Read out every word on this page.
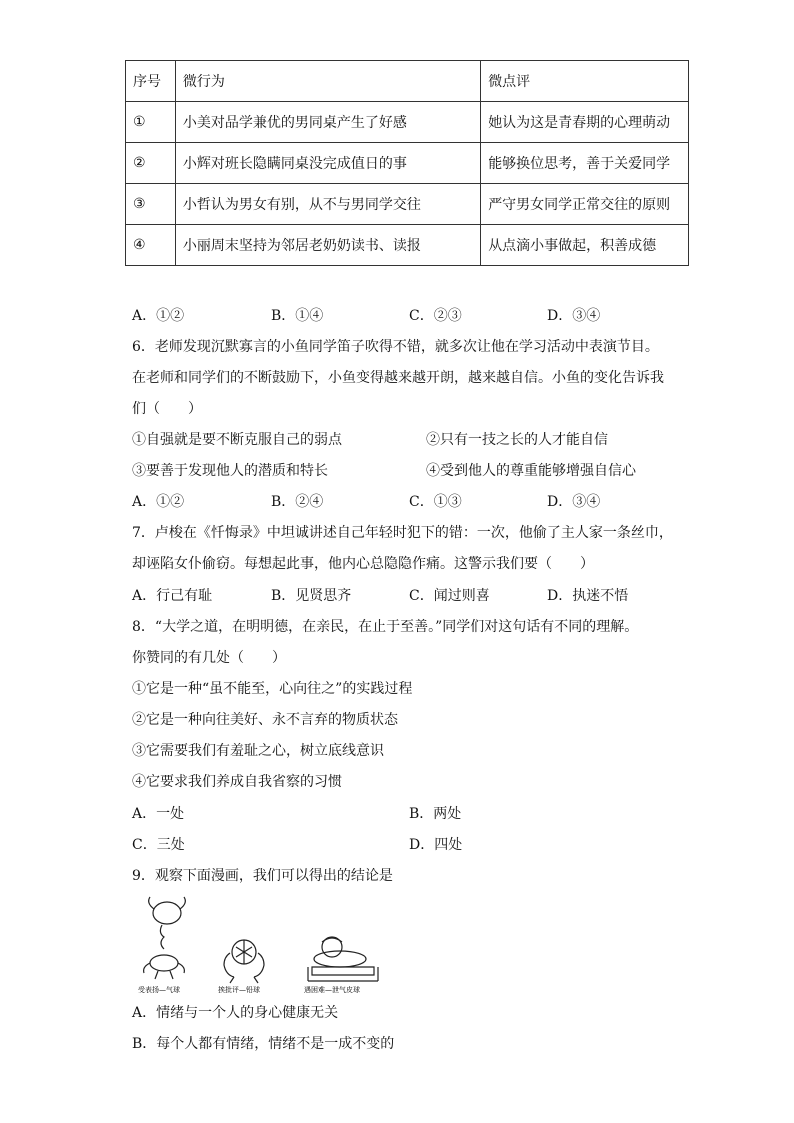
序号	微行为	微点评
①	小美对品学兼优的男同桌产生了好感	她认为这是青春期的心理萌动
②	小辉对班长隐瞒同桌没完成值日的事	能够换位思考，善于关爱同学
③	小哲认为男女有别，从不与男同学交往	严守男女同学正常交往的原则
④	小丽周末坚持为邻居老奶奶读书、读报	从点滴小事做起，积善成德
A．①②	B．①④	C．②③	D．③④
6．老师发现沉默寡言的小鱼同学笛子吹得不错，就多次让他在学习活动中表演节目。
在老师和同学们的不断鼓励下，小鱼变得越来越开朗，越来越自信。小鱼的变化告诉我
们（　　）
①自强就是要不断克服自己的弱点	②只有一技之长的人才能自信
③要善于发现他人的潜质和特长	④受到他人的尊重能够增强自信心
A．①②	B．②④	C．①③	D．③④
7．卢梭在《忏悔录》中坦诚讲述自己年轻时犯下的错：一次，他偷了主人家一条丝巾，
却诬陷女仆偷窃。每想起此事，他内心总隐隐作痛。这警示我们要（　　）
A．行己有耻	B．见贤思齐	C．闻过则喜	D．执迷不悟
8．“大学之道，在明明德，在亲民，在止于至善。”同学们对这句话有不同的理解。
你赞同的有几处（　　）
①它是一种“虽不能至，心向往之”的实践过程
②它是一种向往美好、永不言弃的物质状态
③它需要我们有羞耻之心，树立底线意识
④它要求我们养成自我省察的习惯
A．一处	B．两处
C．三处	D．四处
9．观察下面漫画，我们可以得出的结论是
受表扬—气球	挨批评—铅球	遇困难—泄气皮球
A．情绪与一个人的身心健康无关
B．每个人都有情绪，情绪不是一成不变的
